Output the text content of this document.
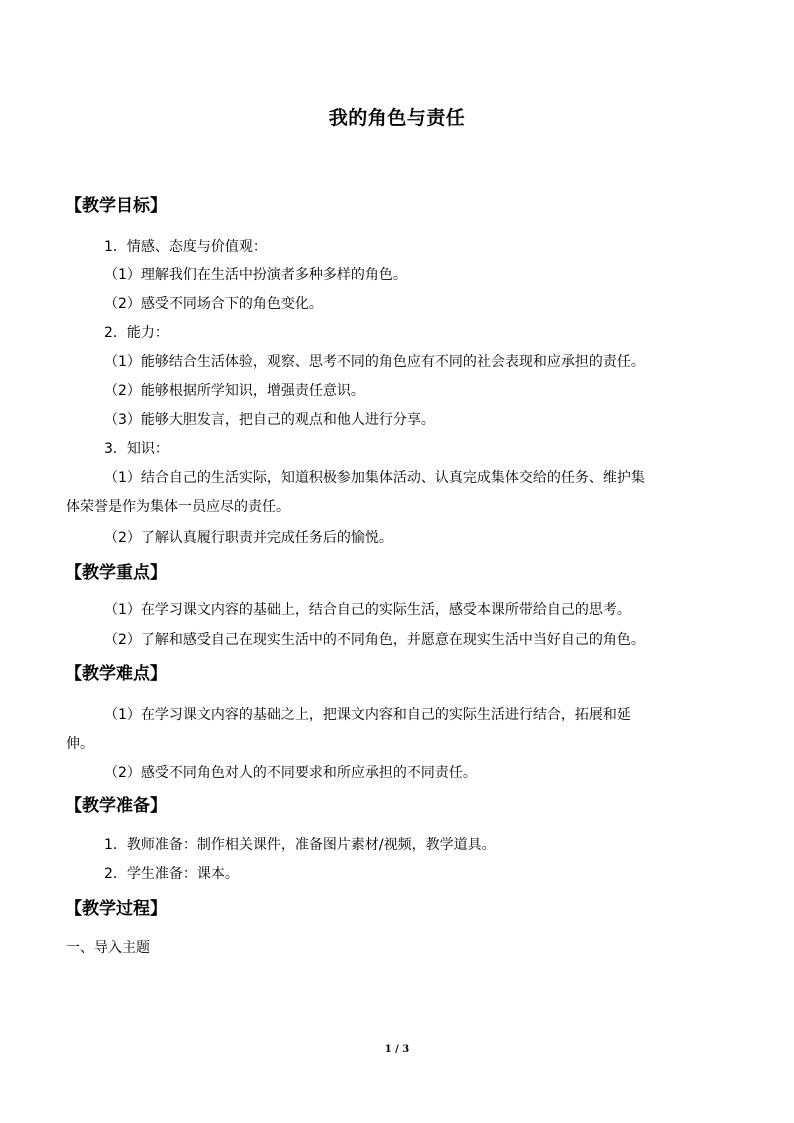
我的角色与责任
【教学目标】
1．情感、态度与价值观：
（1）理解我们在生活中扮演者多种多样的角色。
（2）感受不同场合下的角色变化。
2．能力：
（1）能够结合生活体验，观察、思考不同的角色应有不同的社会表现和应承担的责任。
（2）能够根据所学知识，增强责任意识。
（3）能够大胆发言，把自己的观点和他人进行分享。
3．知识：
（1）结合自己的生活实际，知道积极参加集体活动、认真完成集体交给的任务、维护集
体荣誉是作为集体一员应尽的责任。
（2）了解认真履行职责并完成任务后的愉悦。
【教学重点】
（1）在学习课文内容的基础上，结合自己的实际生活，感受本课所带给自己的思考。
（2）了解和感受自己在现实生活中的不同角色，并愿意在现实生活中当好自己的角色。
【教学难点】
（1）在学习课文内容的基础之上，把课文内容和自己的实际生活进行结合，拓展和延
伸。
（2）感受不同角色对人的不同要求和所应承担的不同责任。
【教学准备】
1．教师准备：制作相关课件，准备图片素材/视频，教学道具。
2．学生准备：课本。
【教学过程】
一、导入主题
1 / 3
